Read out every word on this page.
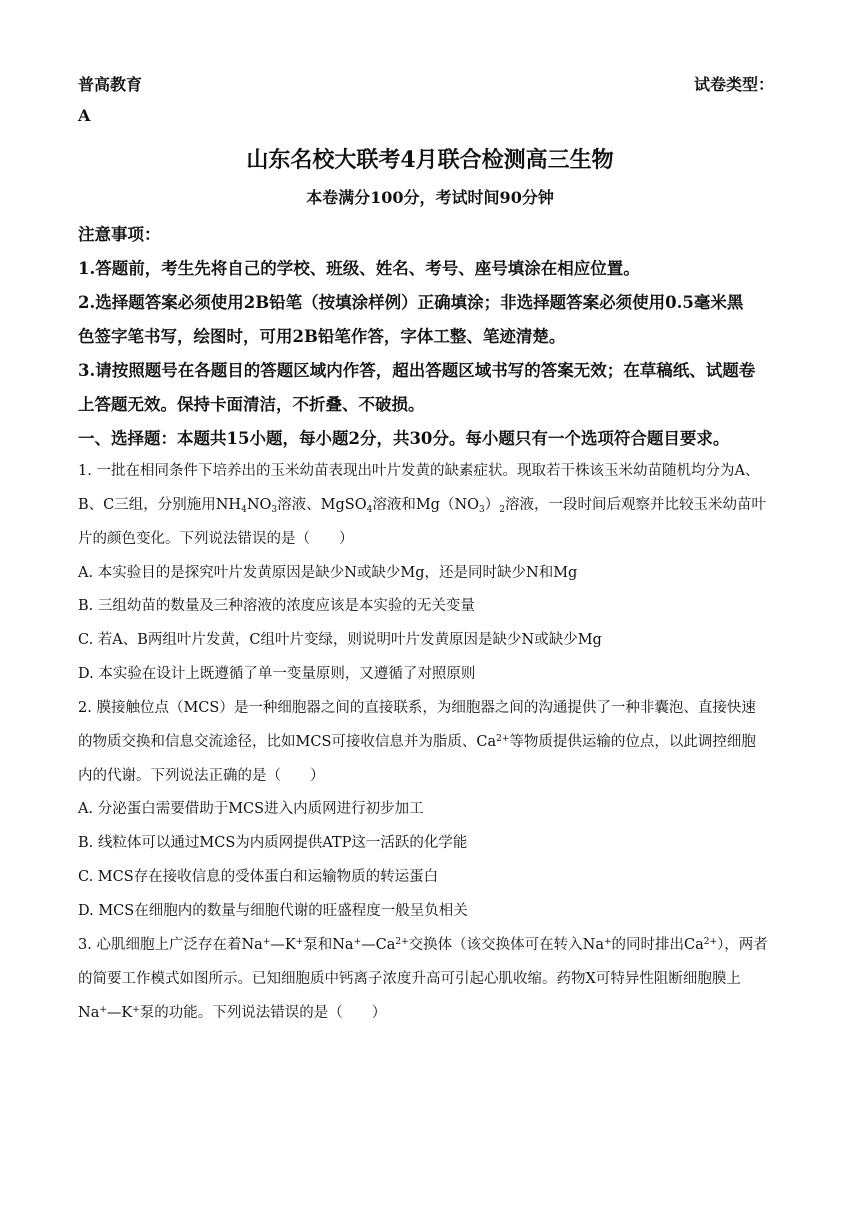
普高教育	试卷类型：
A
山东名校大联考4月联合检测高三生物
本卷满分100分，考试时间90分钟
注意事项：
1.答题前，考生先将自己的学校、班级、姓名、考号、座号填涂在相应位置。
2.选择题答案必须使用2B铅笔（按填涂样例）正确填涂；非选择题答案必须使用0.5毫米黑
色签字笔书写，绘图时，可用2B铅笔作答，字体工整、笔迹清楚。
3.请按照题号在各题目的答题区域内作答，超出答题区域书写的答案无效；在草稿纸、试题卷
上答题无效。保持卡面清洁，不折叠、不破损。
一、选择题：本题共15小题，每小题2分，共30分。每小题只有一个选项符合题目要求。
1. 一批在相同条件下培养出的玉米幼苗表现出叶片发黄的缺素症状。现取若干株该玉米幼苗随机均分为A、
B、C三组，分别施用$NH_4NO_3$溶液、MgSO$_4$溶液和$Mg(NO_3)_2$溶液，一段时间后观察并比较玉米幼苗叶
片的颜色变化。下列说法错误的是（　　）
A. 本实验目的是探究叶片发黄原因是缺少N或缺少Mg，还是同时缺少N和Mg
B. 三组幼苗的数量及三种溶液的浓度应该是本实验的无关变量
C. 若A、B两组叶片发黄，C组叶片变绿，则说明叶片发黄原因是缺少N或缺少Mg
D. 本实验在设计上既遵循了单一变量原则，又遵循了对照原则
2. 膜接触位点（MCS）是一种细胞器之间的直接联系，为细胞器之间的沟通提供了一种非囊泡、直接快速
的物质交换和信息交流途径，比如MCS可接收信息并为脂质、$Ca^{2+}$等物质提供运输的位点，以此调控细胞
内的代谢。下列说法正确的是（　　）
A. 分泌蛋白需要借助于MCS进入内质网进行初步加工
B. 线粒体可以通过MCS为内质网提供ATP这一活跃的化学能
C. MCS存在接收信息的受体蛋白和运输物质的转运蛋白
D. MCS在细胞内的数量与细胞代谢的旺盛程度一般呈负相关
3. 心肌细胞上广泛存在着Na+—K+泵和$Na^+—Ca^{2+}$交换体（该交换体可在转入Na+的同时排出$Ca^{2+}$），两者
的简要工作模式如图所示。已知细胞质中钙离子浓度升高可引起心肌收缩。药物X可特异性阻断细胞膜上
Na+—K+泵的功能。下列说法错误的是（　　）
